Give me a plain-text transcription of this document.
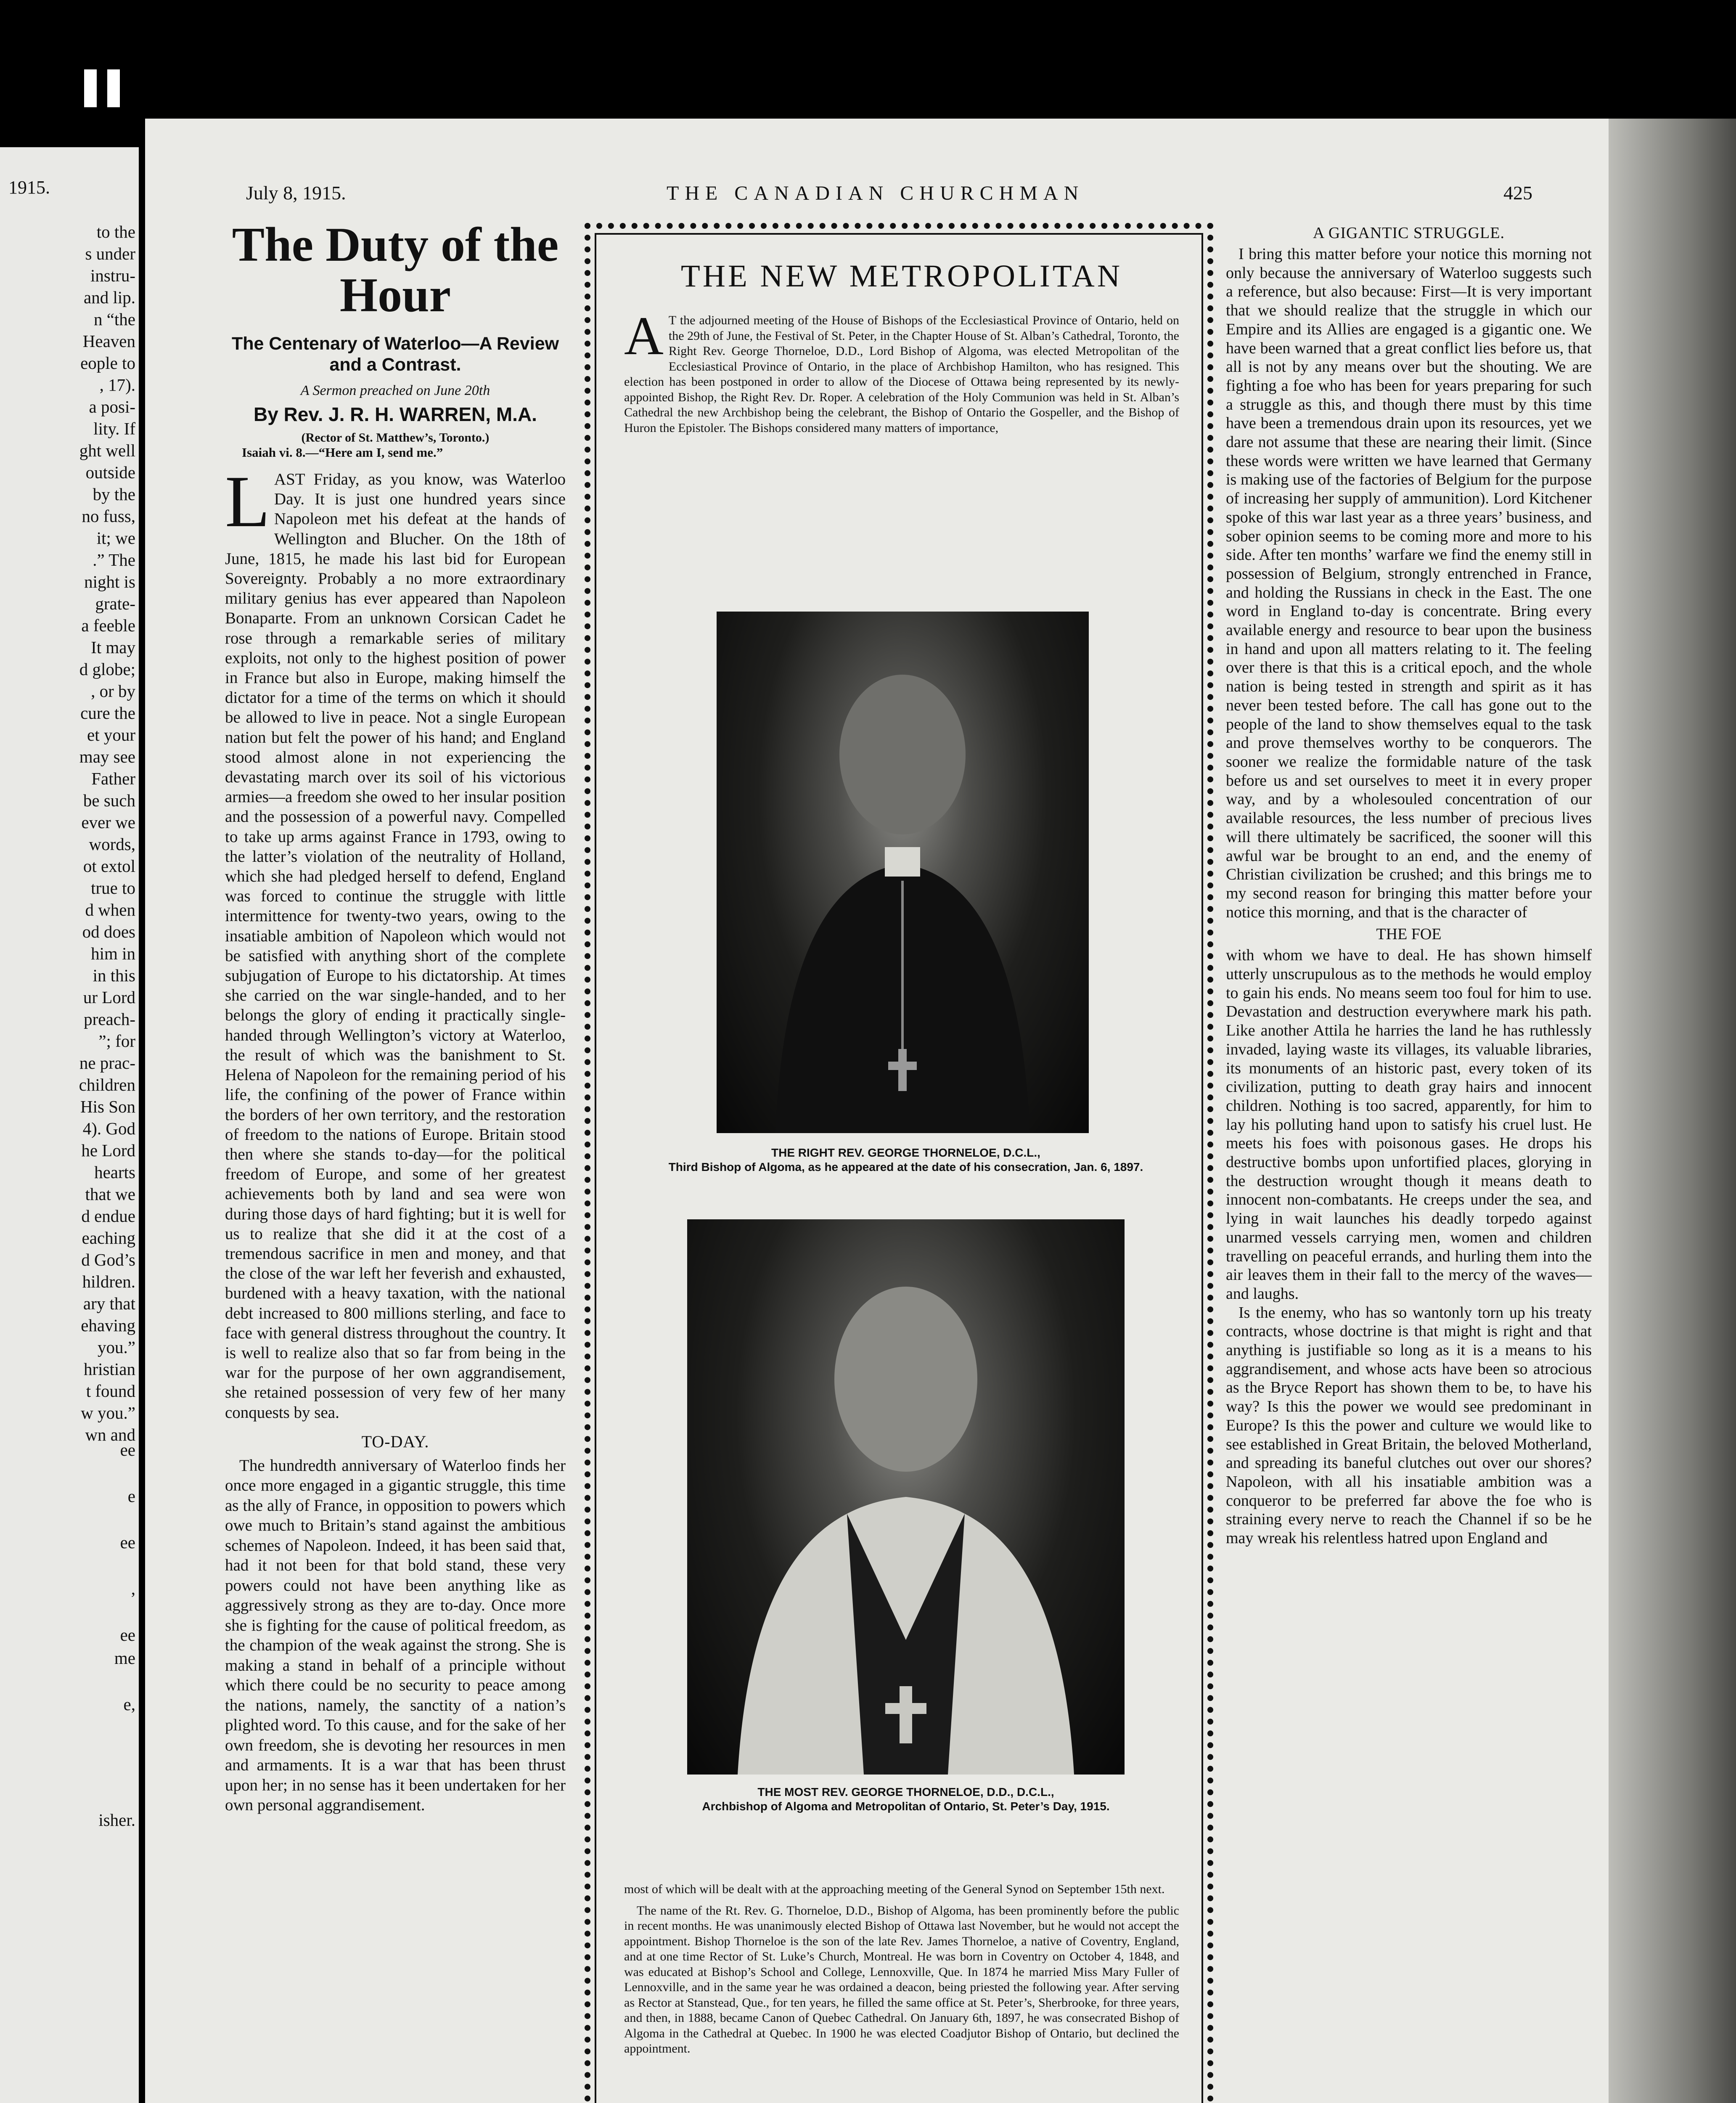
1915.
to the
s under
instru-
and lip.
n “the
Heaven
eople to
, 17).
a posi-
lity. If
ght well
outside
by the
no fuss,
it; we
.” The
night is
grate-
a feeble
It may
d globe;
, or by
cure the
et your
may see
Father
be such
ever we
words,
ot extol
true to
d when
od does
him in
in this
ur Lord
preach-
”; for
ne prac-
children
His Son
4). God
he Lord
hearts
that we
d endue
eaching
d God’s
hildren.
ary that
ehaving
you.”
hristian
t found
w you.”
wn and
ee

e

ee

,

ee
me

e,

isher.
July 8, 1915.	THE CANADIAN CHURCHMAN	425
The Duty of the Hour
The Centenary of Waterloo—A Review and a Contrast.
A Sermon preached on June 20th
By Rev. J. R. H. WARREN, M.A.
(Rector of St. Matthew’s, Toronto.)
Isaiah vi. 8.—“Here am I, send me.”
LAST Friday, as you know, was Waterloo Day. It is just one hundred years since Napoleon met his defeat at the hands of Wellington and Blucher. On the 18th of June, 1815, he made his last bid for European Sovereignty. Probably a no more extraordinary military genius has ever appeared than Napoleon Bonaparte. From an unknown Corsican Cadet he rose through a remarkable series of military exploits, not only to the highest position of power in France but also in Europe, making himself the dictator for a time of the terms on which it should be allowed to live in peace. Not a single European nation but felt the power of his hand; and England stood almost alone in not experiencing the devastating march over its soil of his victorious armies—a freedom she owed to her insular position and the possession of a powerful navy. Compelled to take up arms against France in 1793, owing to the latter’s violation of the neutrality of Holland, which she had pledged herself to defend, England was forced to continue the struggle with little intermittence for twenty-two years, owing to the insatiable ambition of Napoleon which would not be satisfied with anything short of the complete subjugation of Europe to his dictatorship. At times she carried on the war single-handed, and to her belongs the glory of ending it practically single-handed through Wellington’s victory at Waterloo, the result of which was the banishment to St. Helena of Napoleon for the remaining period of his life, the confining of the power of France within the borders of her own territory, and the restoration of freedom to the nations of Europe. Britain stood then where she stands to-day—for the political freedom of Europe, and some of her greatest achievements both by land and sea were won during those days of hard fighting; but it is well for us to realize that she did it at the cost of a tremendous sacrifice in men and money, and that the close of the war left her feverish and exhausted, burdened with a heavy taxation, with the national debt increased to 800 millions sterling, and face to face with general distress throughout the country. It is well to realize also that so far from being in the war for the purpose of her own aggrandisement, she retained possession of very few of her many conquests by sea.
TO-DAY.

The hundredth anniversary of Waterloo finds her once more engaged in a gigantic struggle, this time as the ally of France, in opposition to powers which owe much to Britain’s stand against the ambitious schemes of Napoleon. Indeed, it has been said that, had it not been for that bold stand, these very powers could not have been anything like as aggressively strong as they are to-day. Once more she is fighting for the cause of political freedom, as the champion of the weak against the strong. She is making a stand in behalf of a principle without which there could be no security to peace among the nations, namely, the sanctity of a nation’s plighted word. To this cause, and for the sake of her own freedom, she is devoting her resources in men and armaments. It is a war that has been thrust upon her; in no sense has it been undertaken for her own personal aggrandisement.

THE NEW METROPOLITAN
A T the adjourned meeting of the House of Bishops of the Ecclesiastical Province of Ontario, held on the 29th of June, the Festival of St. Peter, in the Chapter House of St. Alban’s Cathedral, Toronto, the Right Rev. George Thorneloe, D.D., Lord Bishop of Algoma, was elected Metropolitan of the Ecclesiastical Province of Ontario, in the place of Archbishop Hamilton, who has resigned. This election has been postponed in order to allow of the Diocese of Ottawa being represented by its newly-appointed Bishop, the Right Rev. Dr. Roper. A celebration of the Holy Communion was held in St. Alban’s Cathedral the new Archbishop being the celebrant, the Bishop of Ontario the Gospeller, and the Bishop of Huron the Epistoler. The Bishops considered many matters of importance,
THE RIGHT REV. GEORGE THORNELOE, D.C.L.,
Third Bishop of Algoma, as he appeared at the date of his consecration, Jan. 6, 1897.
THE MOST REV. GEORGE THORNELOE, D.D., D.C.L.,
Archbishop of Algoma and Metropolitan of Ontario, St. Peter’s Day, 1915.

most of which will be dealt with at the approaching meeting of the General Synod on September 15th next.

The name of the Rt. Rev. G. Thorneloe, D.D., Bishop of Algoma, has been prominently before the public in recent months. He was unanimously elected Bishop of Ottawa last November, but he would not accept the appointment. Bishop Thorneloe is the son of the late Rev. James Thorneloe, a native of Coventry, England, and at one time Rector of St. Luke’s Church, Montreal. He was born in Coventry on October 4, 1848, and was educated at Bishop’s School and College, Lennoxville, Que. In 1874 he married Miss Mary Fuller of Lennoxville, and in the same year he was ordained a deacon, being priested the following year. After serving as Rector at Stanstead, Que., for ten years, he filled the same office at St. Peter’s, Sherbrooke, for three years, and then, in 1888, became Canon of Quebec Cathedral. On January 6th, 1897, he was consecrated Bishop of Algoma in the Cathedral at Quebec. In 1900 he was elected Coadjutor Bishop of Ontario, but declined the appointment.

A GIGANTIC STRUGGLE.

I bring this matter before your notice this morning not only because the anniversary of Waterloo suggests such a reference, but also because: First—It is very important that we should realize that the struggle in which our Empire and its Allies are engaged is a gigantic one. We have been warned that a great conflict lies before us, that all is not by any means over but the shouting. We are fighting a foe who has been for years preparing for such a struggle as this, and though there must by this time have been a tremendous drain upon its resources, yet we dare not assume that these are nearing their limit. (Since these words were written we have learned that Germany is making use of the factories of Belgium for the purpose of increasing her supply of ammunition). Lord Kitchener spoke of this war last year as a three years’ business, and sober opinion seems to be coming more and more to his side. After ten months’ warfare we find the enemy still in possession of Belgium, strongly entrenched in France, and holding the Russians in check in the East. The one word in England to-day is concentrate. Bring every available energy and resource to bear upon the business in hand and upon all matters relating to it. The feeling over there is that this is a critical epoch, and the whole nation is being tested in strength and spirit as it has never been tested before. The call has gone out to the people of the land to show themselves equal to the task and prove themselves worthy to be conquerors. The sooner we realize the formidable nature of the task before us and set ourselves to meet it in every proper way, and by a wholesouled concentration of our available resources, the less number of precious lives will there ultimately be sacrificed, the sooner will this awful war be brought to an end, and the enemy of Christian civilization be crushed; and this brings me to my second reason for bringing this matter before your notice this morning, and that is the character of

THE FOE

with whom we have to deal. He has shown himself utterly unscrupulous as to the methods he would employ to gain his ends. No means seem too foul for him to use. Devastation and destruction everywhere mark his path. Like another Attila he harries the land he has ruthlessly invaded, laying waste its villages, its valuable libraries, its monuments of an historic past, every token of its civilization, putting to death gray hairs and innocent children. Nothing is too sacred, apparently, for him to lay his polluting hand upon to satisfy his cruel lust. He meets his foes with poisonous gases. He drops his destructive bombs upon unfortified places, glorying in the destruction wrought though it means death to innocent non-combatants. He creeps under the sea, and lying in wait launches his deadly torpedo against unarmed vessels carrying men, women and children travelling on peaceful errands, and hurling them into the air leaves them in their fall to the mercy of the waves—and laughs.

Is the enemy, who has so wantonly torn up his treaty contracts, whose doctrine is that might is right and that anything is justifiable so long as it is a means to his aggrandisement, and whose acts have been so atrocious as the Bryce Report has shown them to be, to have his way? Is this the power we would see predominant in Europe? Is this the power and culture we would like to see established in Great Britain, the beloved Motherland, and spreading its baneful clutches out over our shores? Napoleon, with all his insatiable ambition was a conqueror to be preferred far above the foe who is straining every nerve to reach the Channel if so be he may wreak his relentless hatred upon England and
